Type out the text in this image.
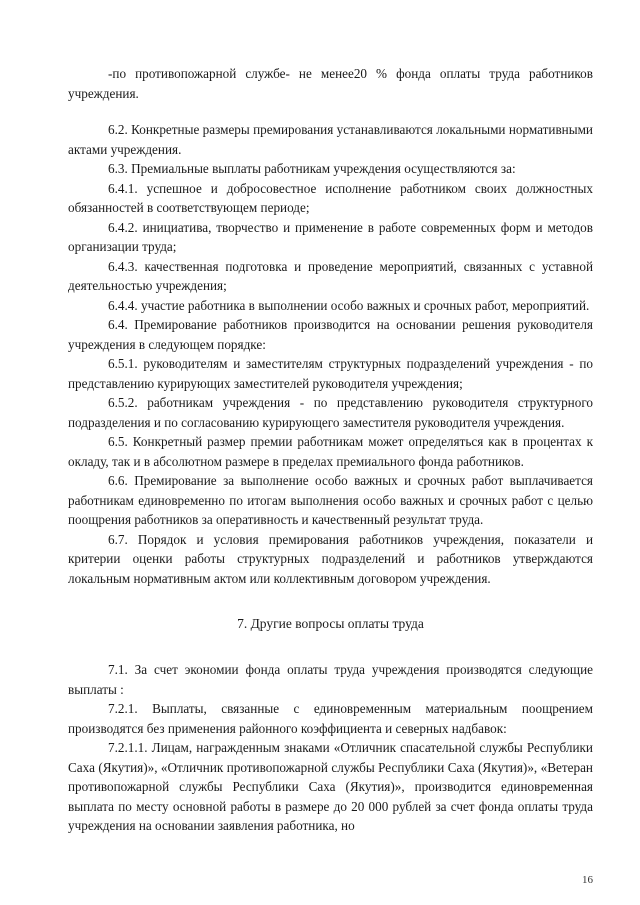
-по противопожарной службе- не менее20 % фонда оплаты труда работников учреждения.

6.2. Конкретные размеры премирования устанавливаются локальными нормативными актами учреждения.

6.3. Премиальные выплаты работникам учреждения осуществляются за:

6.4.1. успешное и добросовестное исполнение работником своих должностных обязанностей в соответствующем периоде;

6.4.2. инициатива, творчество и применение в работе современных форм и методов организации труда;

6.4.3. качественная подготовка и проведение мероприятий, связанных с уставной деятельностью учреждения;

6.4.4. участие работника в выполнении особо важных и срочных работ, мероприятий.

6.4. Премирование работников производится на основании решения руководителя учреждения в следующем порядке:

6.5.1. руководителям и заместителям структурных подразделений учреждения - по представлению курирующих заместителей руководителя учреждения;

6.5.2. работникам учреждения - по представлению руководителя структурного подразделения и по согласованию курирующего заместителя руководителя учреждения.

6.5. Конкретный размер премии работникам может определяться как в процентах к окладу, так и в абсолютном размере в пределах премиального фонда работников.

6.6. Премирование за выполнение особо важных и срочных работ выплачивается работникам единовременно по итогам выполнения особо важных и срочных работ с целью поощрения работников за оперативность и качественный результат труда.

6.7. Порядок и условия премирования работников учреждения, показатели и критерии оценки работы структурных подразделений и работников утверждаются локальным нормативным актом или коллективным договором учреждения.

7. Другие вопросы оплаты труда

7.1. За счет экономии фонда оплаты труда учреждения производятся следующие выплаты :

7.2.1. Выплаты, связанные с единовременным материальным поощрением производятся без применения районного коэффициента и северных надбавок:

7.2.1.1. Лицам, награжденным знаками «Отличник спасательной службы Республики Саха (Якутия)», «Отличник противопожарной службы Республики Саха (Якутия)», «Ветеран противопожарной службы Республики Саха (Якутия)», производится единовременная выплата по месту основной работы в размере до 20 000 рублей за счет фонда оплаты труда учреждения на основании заявления работника, но

16
